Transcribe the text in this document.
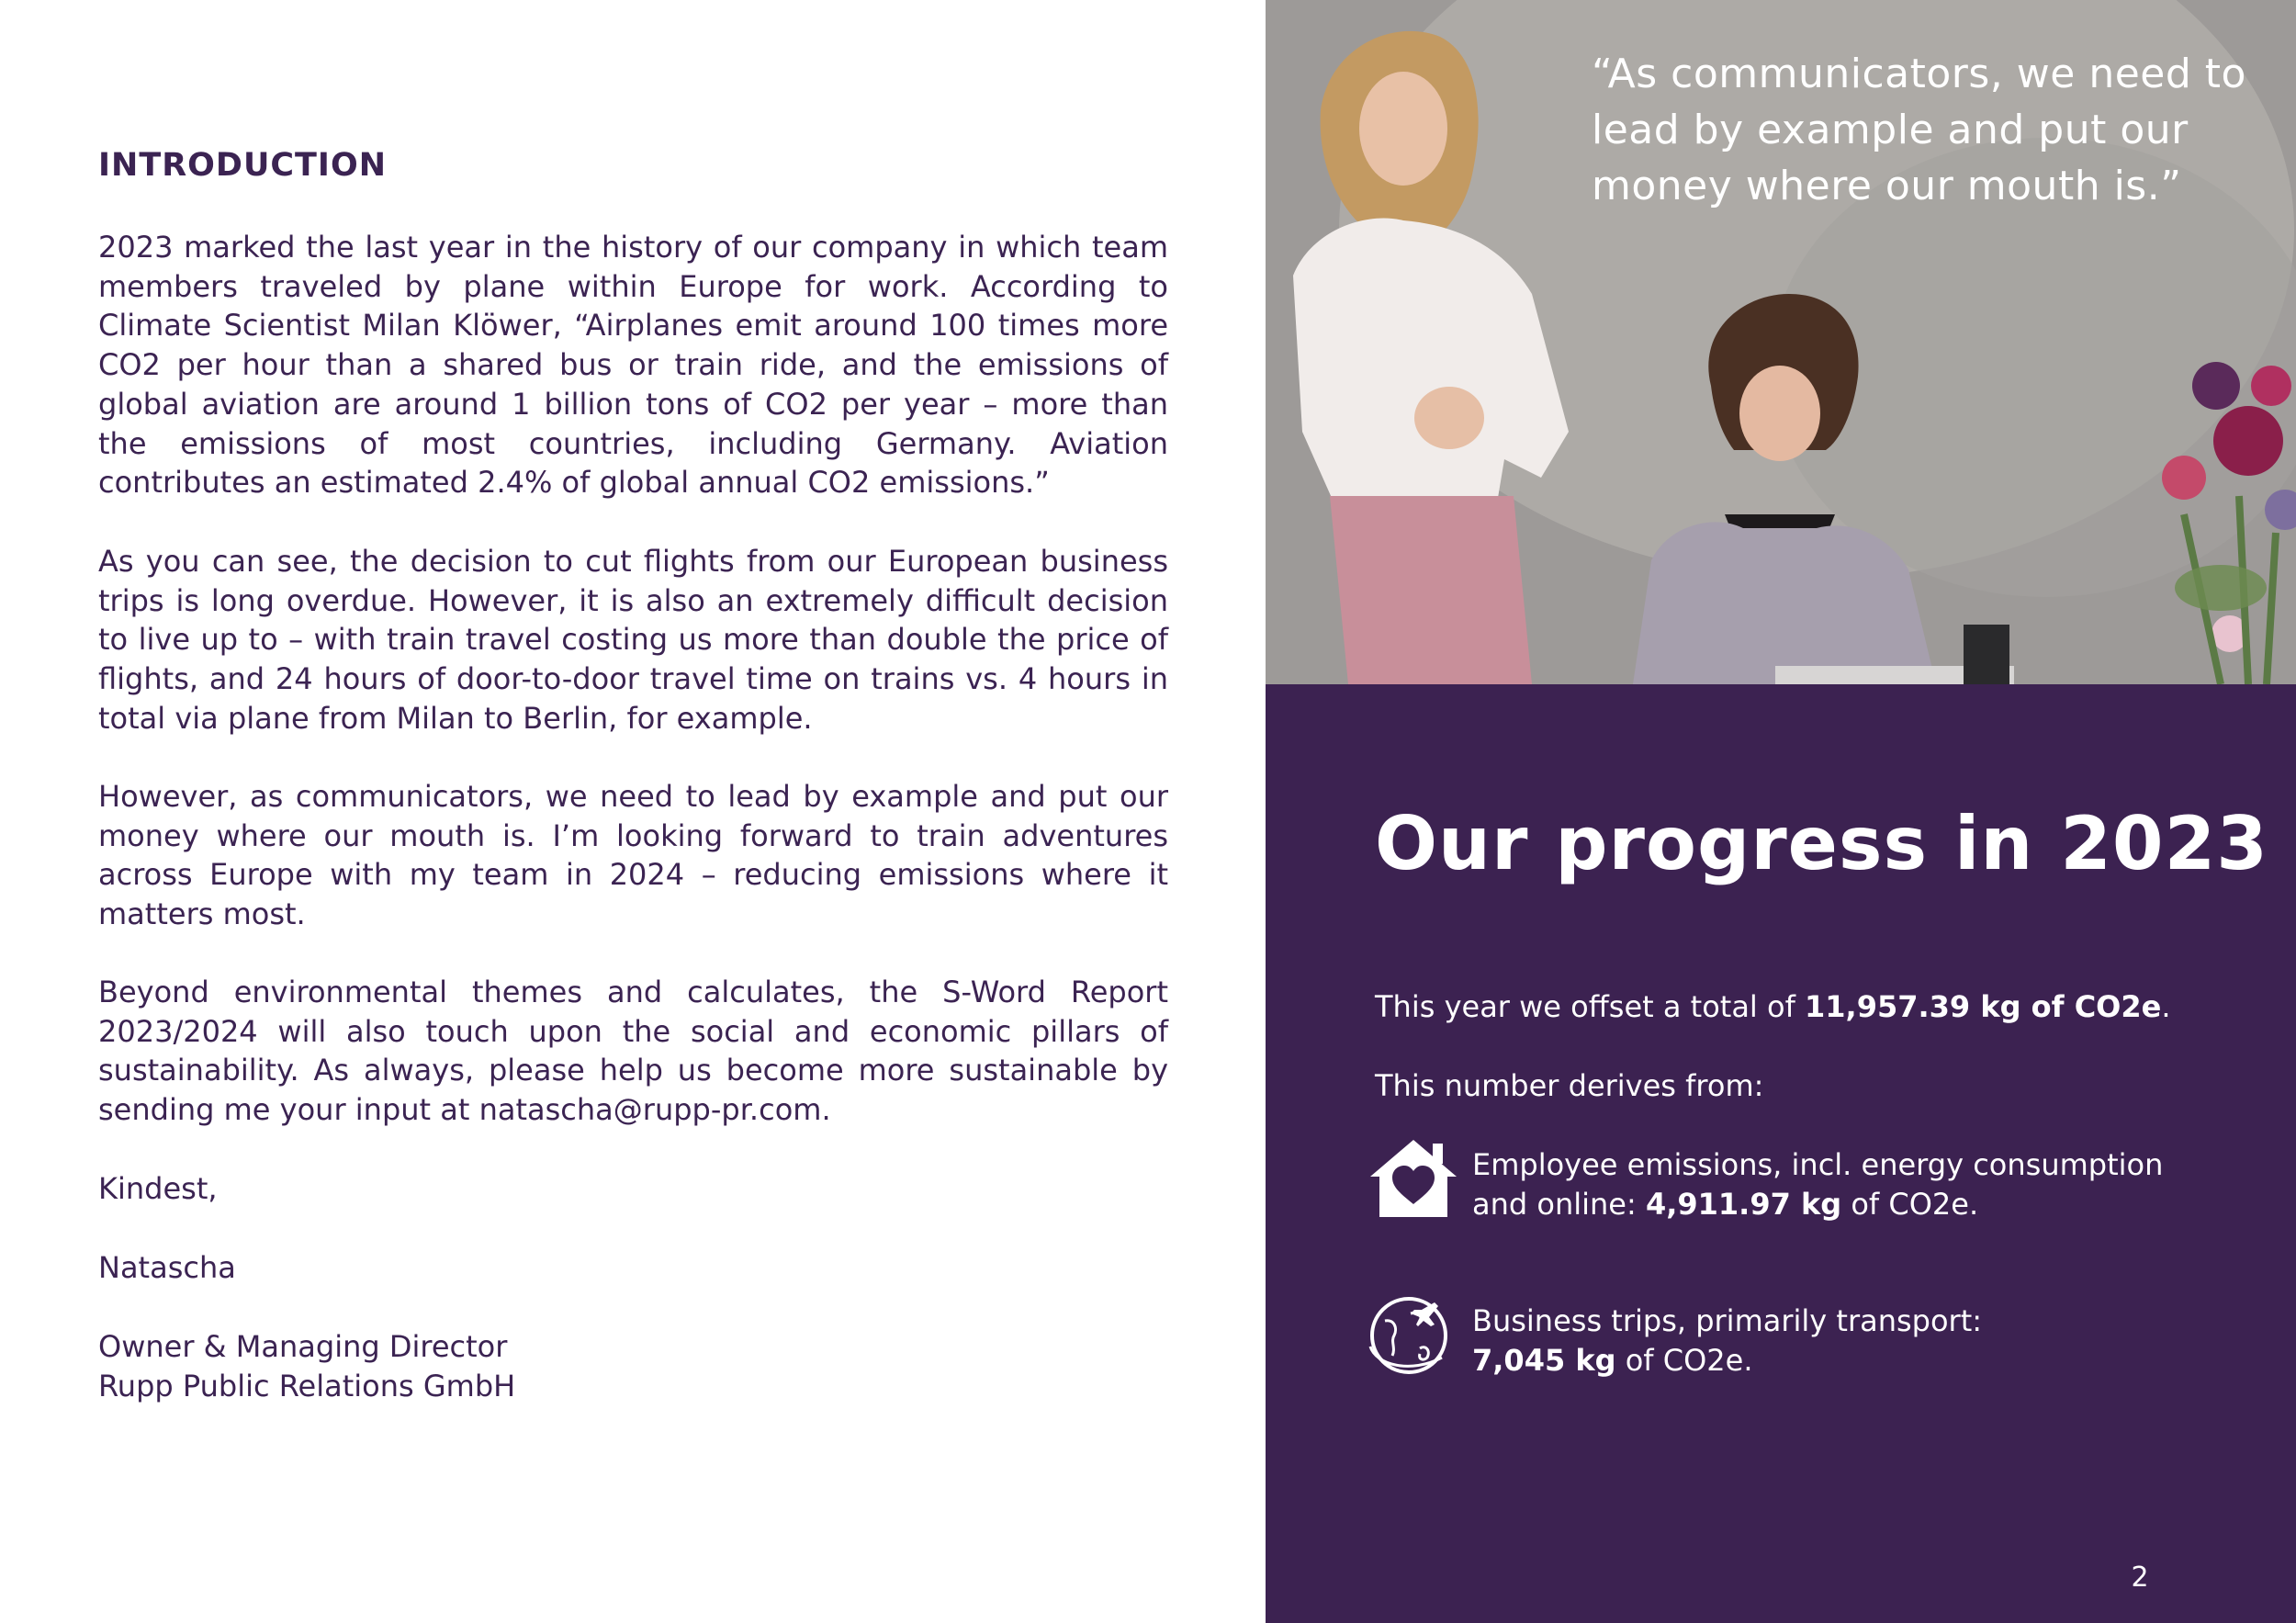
INTRODUCTION

2023 marked the last year in the history of our company in which team members traveled by plane within Europe for work. According to Climate Scientist Milan Klöwer, “Airplanes emit around 100 times more CO2 per hour than a shared bus or train ride, and the emissions of global aviation are around 1 billion tons of CO2 per year – more than the emissions of most countries, including Germany. Aviation contributes an estimated 2.4% of global annual CO2 emissions.”

As you can see, the decision to cut flights from our European business trips is long overdue. However, it is also an extremely difficult decision to live up to – with train travel costing us more than double the price of flights, and 24 hours of door-to-door travel time on trains vs. 4 hours in total via plane from Milan to Berlin, for example.

However, as communicators, we need to lead by example and put our money where our mouth is. I’m looking forward to train adventures across Europe with my team in 2024 – reducing emissions where it matters most.

Beyond environmental themes and calculates, the S-Word Report 2023/2024 will also touch upon the social and economic pillars of sustainability. As always, please help us become more sustainable by sending me your input at natascha@rupp-pr.com.

Kindest,

Natascha

Owner & Managing Director
Rupp Public Relations GmbH

“As communicators, we need to lead by example and put our money where our mouth is.”

Our progress in 2023

This year we offset a total of 11,957.39 kg of CO2e.

This number derives from:

Employee emissions, incl. energy consumption and online: 4,911.97 kg of CO2e.

Business trips, primarily transport:
7,045 kg of CO2e.

2
